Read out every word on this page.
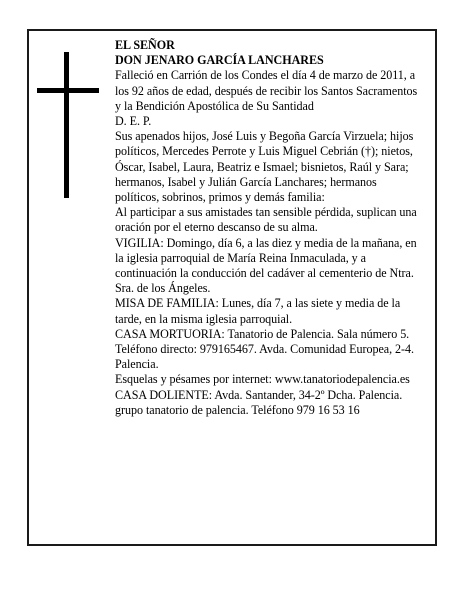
EL SEÑOR

DON JENARO GARCÍA LANCHARES

Falleció en Carrión de los Condes el día 4 de marzo de 2011, a los 92 años de edad, después de recibir los Santos Sacramentos y la Bendición Apostólica de Su Santidad

D. E. P.

Sus apenados hijos, José Luis y Begoña García Virzuela; hijos políticos, Mercedes Perrote y Luis Miguel Cebrián (†); nietos, Óscar, Isabel, Laura, Beatriz e Ismael; bisnietos, Raúl y Sara; hermanos, Isabel y Julián García Lanchares; hermanos políticos, sobrinos, primos y demás familia:

Al participar a sus amistades tan sensible pérdida, suplican una oración por el eterno descanso de su alma.

VIGILIA: Domingo, día 6, a las diez y media de la mañana, en la iglesia parroquial de María Reina Inmaculada, y a continuación la conducción del cadáver al cementerio de Ntra. Sra. de los Ángeles.

MISA DE FAMILIA: Lunes, día 7, a las siete y media de la tarde, en la misma iglesia parroquial.

CASA MORTUORIA: Tanatorio de Palencia. Sala número 5. Teléfono directo: 979165467. Avda. Comunidad Europea, 2-4. Palencia.

Esquelas y pésames por internet: www.tanatoriodepalencia.es

CASA DOLIENTE: Avda. Santander, 34-2º Dcha. Palencia.

grupo tanatorio de palencia. Teléfono 979 16 53 16
